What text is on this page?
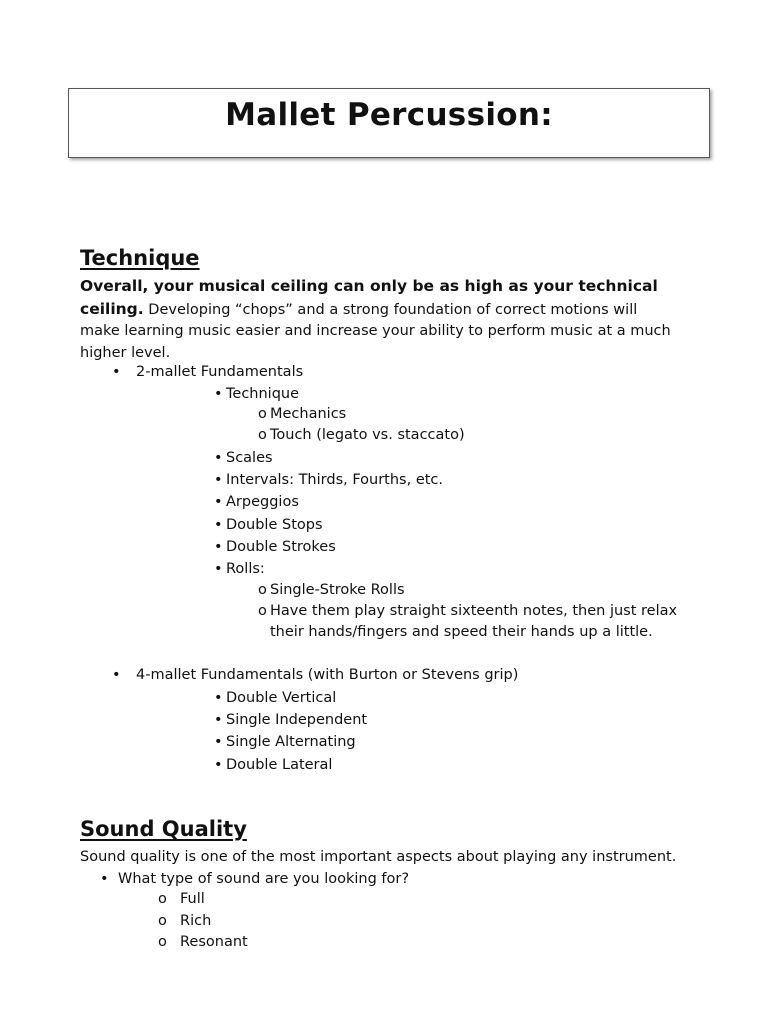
Mallet Percussion:
Technique
Overall, your musical ceiling can only be as high as your technical ceiling. Developing “chops” and a strong foundation of correct motions will make learning music easier and increase your ability to perform music at a much higher level.
• 2-mallet Fundamentals
• Technique
o Mechanics
o Touch (legato vs. staccato)
• Scales
• Intervals: Thirds, Fourths, etc.
• Arpeggios
• Double Stops
• Double Strokes
• Rolls:
o Single-Stroke Rolls
o Have them play straight sixteenth notes, then just relax
their hands/fingers and speed their hands up a little.
• 4-mallet Fundamentals (with Burton or Stevens grip)
• Double Vertical
• Single Independent
• Single Alternating
• Double Lateral
Sound Quality
Sound quality is one of the most important aspects about playing any instrument.
• What type of sound are you looking for?
o Full
o Rich
o Resonant
